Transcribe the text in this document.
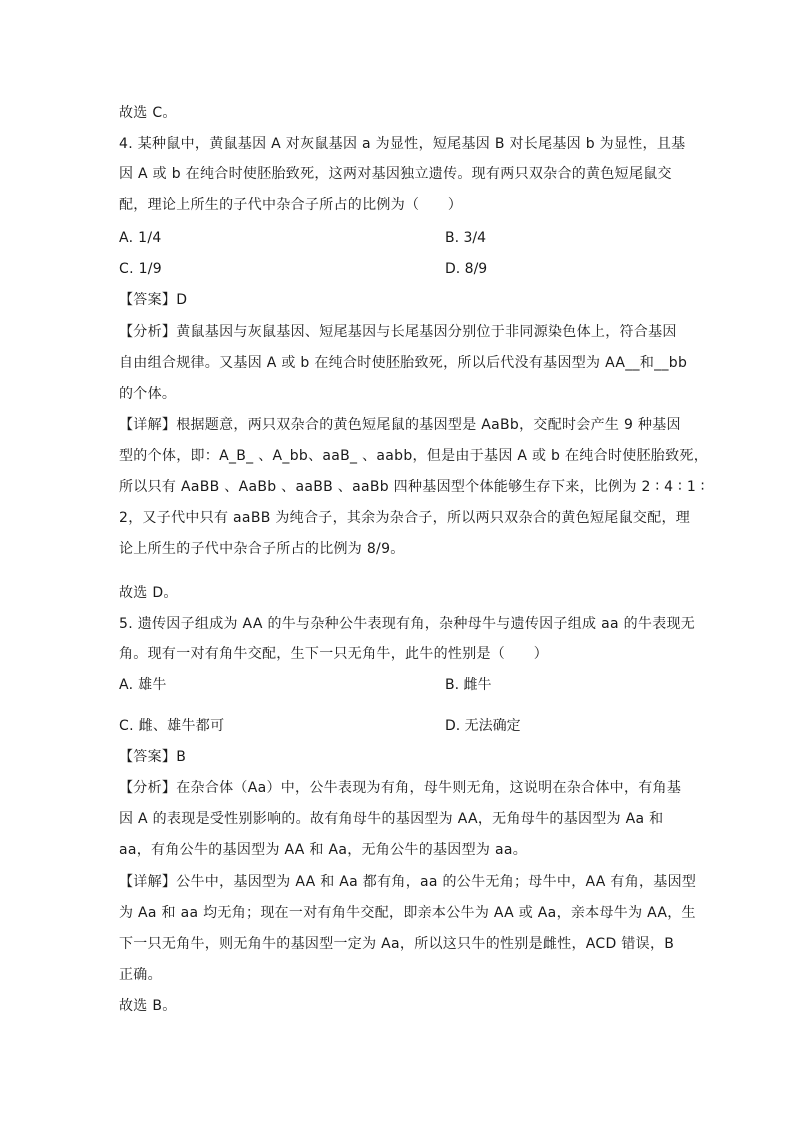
故选 C。
4. 某种鼠中，黄鼠基因 A 对灰鼠基因 a 为显性，短尾基因 B 对长尾基因 b 为显性，且基
因 A 或 b 在纯合时使胚胎致死，这两对基因独立遗传。现有两只双杂合的黄色短尾鼠交
配，理论上所生的子代中杂合子所占的比例为（　　）
A. 1/4	B. 3/4
C. 1/9	D. 8/9
【答案】D
【分析】黄鼠基因与灰鼠基因、短尾基因与长尾基因分别位于非同源染色体上，符合基因
自由组合规律。又基因 A 或 b 在纯合时使胚胎致死，所以后代没有基因型为 AA__和__bb
的个体。
【详解】根据题意，两只双杂合的黄色短尾鼠的基因型是 AaBb，交配时会产生 9 种基因
型的个体，即：A_B_ 、A_bb、aaB_ 、aabb，但是由于基因 A 或 b 在纯合时使胚胎致死，
所以只有 AaBB 、AaBb 、aaBB 、aaBb 四种基因型个体能够生存下来，比例为 2 ∶ 4 ∶ 1 ∶
2，又子代中只有 aaBB 为纯合子，其余为杂合子，所以两只双杂合的黄色短尾鼠交配，理
论上所生的子代中杂合子所占的比例为 8/9。
故选 D。
5. 遗传因子组成为 AA 的牛与杂种公牛表现有角，杂种母牛与遗传因子组成 aa 的牛表现无
角。现有一对有角牛交配，生下一只无角牛，此牛的性别是（　　）
A. 雄牛	B. 雌牛
C. 雌、雄牛都可	D. 无法确定
【答案】B
【分析】在杂合体（Aa）中，公牛表现为有角，母牛则无角，这说明在杂合体中，有角基
因 A 的表现是受性别影响的。故有角母牛的基因型为 AA，无角母牛的基因型为 Aa 和
aa，有角公牛的基因型为 AA 和 Aa，无角公牛的基因型为 aa。
【详解】公牛中，基因型为 AA 和 Aa 都有角，aa 的公牛无角；母牛中，AA 有角，基因型
为 Aa 和 aa 均无角；现在一对有角牛交配，即亲本公牛为 AA 或 Aa，亲本母牛为 AA，生
下一只无角牛，则无角牛的基因型一定为 Aa，所以这只牛的性别是雌性，ACD 错误，B
正确。
故选 B。
